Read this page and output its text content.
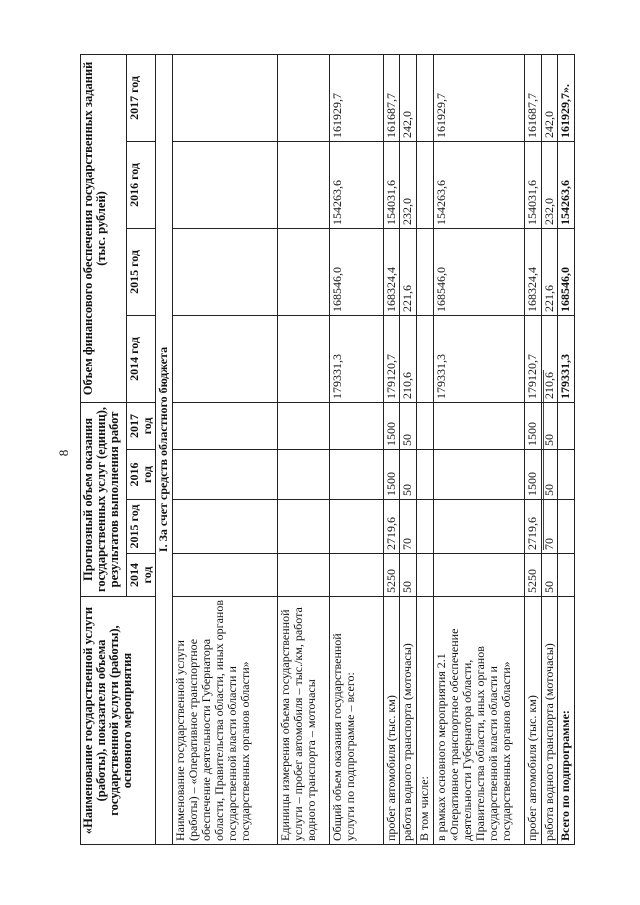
8
«Наименование государственной услуги (работы), показателя объема государственной услуги (работы), основного мероприятия	Прогнозный объем оказания государственных услуг (единиц), результатов выполнения работ				Объем финансового обеспечения государственных заданий (тыс. рублей)			
	2014 год	2015 год	2016 год	2017 год	2014 год	2015 год	2016 год	2017 год
I. За счет средств областного бюджета								
Наименование государственной услуги (работы) – «Оперативное транспортное обеспечение деятельности Губернатора области, Правительства области, иных органов государственной власти области и государственных органов области»								
Единицы измерения объема государственной услуги – пробег автомобиля – тыс./км, работа водного транспорта – моточасы								
Общий объем оказания государственной услуги по подпрограмме – всего:					179331,3	168546,0	154263,6	161929,7
пробег автомобиля (тыс. км)	5250	2719,6	1500	1500	179120,7	168324,4	154031,6	161687,7
работа водного транспорта (моточасы)	50	70	50	50	210,6	221,6	232,0	242,0
В том числе:								
в рамках основного мероприятия 2.1 «Оперативное транспортное обеспечение деятельности Губернатора области, Правительства области, иных органов государственной власти области и государственных органов области»					179331,3	168546,0	154263,6	161929,7
пробег автомобиля (тыс. км)	5250	2719,6	1500	1500	179120,7	168324,4	154031,6	161687,7
работа водного транспорта (моточасы)	50	70	50	50	210,6	221,6	232,0	242,0
Всего по подпрограмме:					179331,3	168546,0	154263,6	161929,7».
